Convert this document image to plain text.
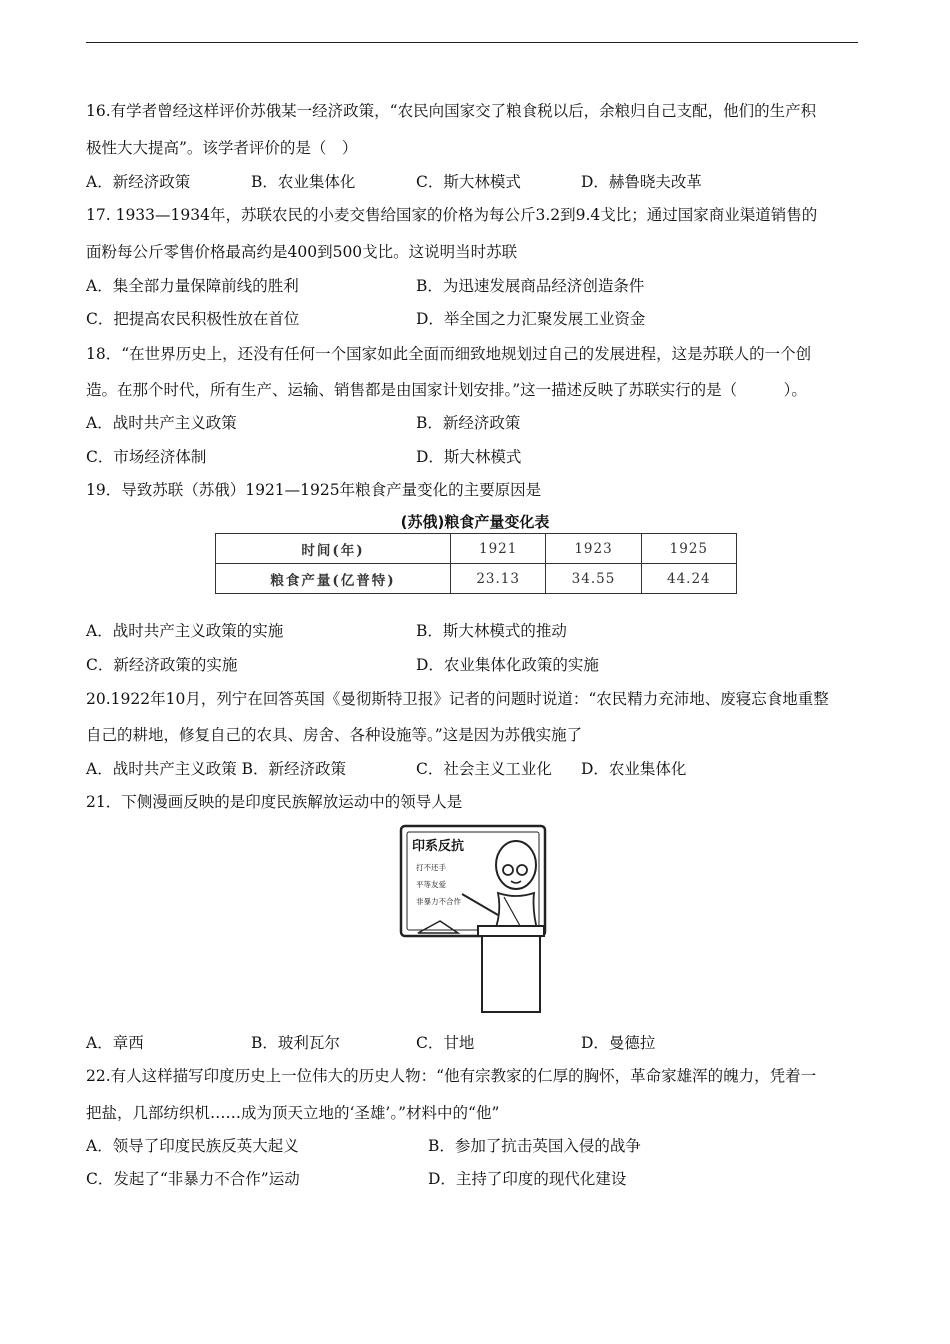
16.有学者曾经这样评价苏俄某一经济政策，“农民向国家交了粮食税以后，余粮归自己支配，他们的生产积
极性大大提高”。该学者评价的是（　）
A．新经济政策	B．农业集体化	C．斯大林模式	D．赫鲁晓夫改革
17. 1933—1934年，苏联农民的小麦交售给国家的价格为每公斤3.2到9.4戈比；通过国家商业渠道销售的
面粉每公斤零售价格最高约是400到500戈比。这说明当时苏联
A．集全部力量保障前线的胜利	B．为迅速发展商品经济创造条件
C．把提高农民积极性放在首位	D．举全国之力汇聚发展工业资金
18．“在世界历史上，还没有任何一个国家如此全面而细致地规划过自己的发展进程，这是苏联人的一个创
造。在那个时代，所有生产、运输、销售都是由国家计划安排。”这一描述反映了苏联实行的是（　　　）。
A．战时共产主义政策	B．新经济政策
C．市场经济体制	D．斯大林模式
19．导致苏联（苏俄）1921—1925年粮食产量变化的主要原因是
(苏俄)粮食产量变化表
时间(年)	1921	1923	1925
粮食产量(亿普特)	23.13	34.55	44.24
A．战时共产主义政策的实施	B．斯大林模式的推动
C．新经济政策的实施	D．农业集体化政策的实施
20.1922年10月，列宁在回答英国《曼彻斯特卫报》记者的问题时说道：“农民精力充沛地、废寝忘食地重整
自己的耕地，修复自己的农具、房舍、各种设施等。”这是因为苏俄实施了
A．战时共产主义政策 B．新经济政策	C．社会主义工业化 D．农业集体化
21．下侧漫画反映的是印度民族解放运动中的领导人是
印系反抗
打不还手
平等友爱
非暴力不合作
A．章西	B．玻利瓦尔	C．甘地	D．曼德拉
22.有人这样描写印度历史上一位伟大的历史人物：“他有宗教家的仁厚的胸怀，革命家雄浑的魄力，凭着一
把盐，几部纺织机……成为顶天立地的‘圣雄’。”材料中的“他”
A．领导了印度民族反英大起义	B．参加了抗击英国入侵的战争
C．发起了“非暴力不合作”运动	D．主持了印度的现代化建设
